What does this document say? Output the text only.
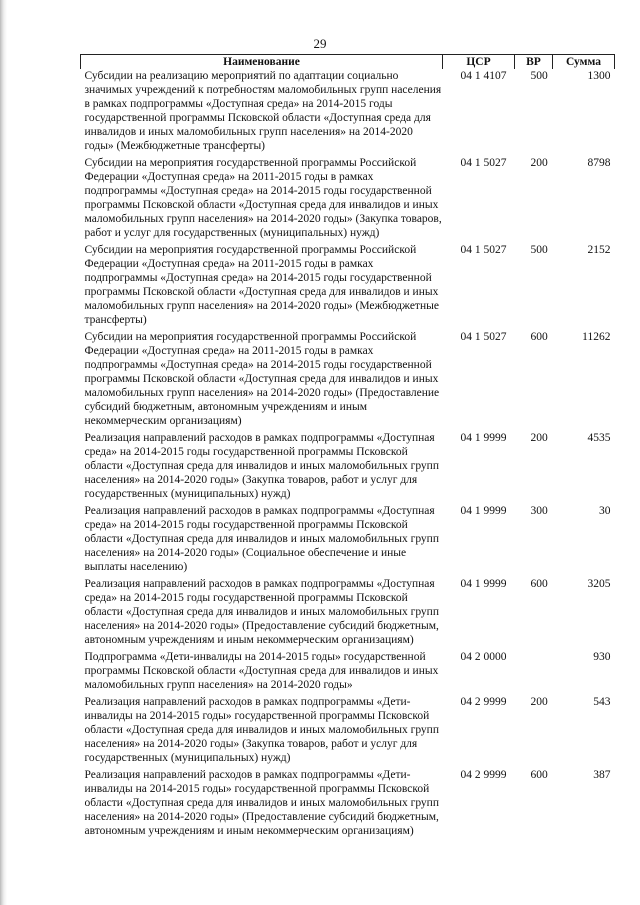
29
Наименование	ЦСР	ВР	Сумма
Субсидии на реализацию мероприятий по адаптации социально значимых учреждений к потребностям маломобильных групп населения в рамках подпрограммы «Доступная среда» на 2014-2015 годы государственной программы Псковской области «Доступная среда для инвалидов и иных маломобильных групп населения» на 2014-2020 годы» (Межбюджетные трансферты)	04 1 4107	500	1300
Субсидии на мероприятия государственной программы Российской Федерации «Доступная среда» на 2011-2015 годы в рамках подпрограммы «Доступная среда» на 2014-2015 годы государственной программы Псковской области «Доступная среда для инвалидов и иных маломобильных групп населения» на 2014-2020 годы» (Закупка товаров, работ и услуг для государственных (муниципальных) нужд)	04 1 5027	200	8798
Субсидии на мероприятия государственной программы Российской Федерации «Доступная среда» на 2011-2015 годы в рамках подпрограммы «Доступная среда» на 2014-2015 годы государственной программы Псковской области «Доступная среда для инвалидов и иных маломобильных групп населения» на 2014-2020 годы» (Межбюджетные трансферты)	04 1 5027	500	2152
Субсидии на мероприятия государственной программы Российской Федерации «Доступная среда» на 2011-2015 годы в рамках подпрограммы «Доступная среда» на 2014-2015 годы государственной программы Псковской области «Доступная среда для инвалидов и иных маломобильных групп населения» на 2014-2020 годы» (Предоставление субсидий бюджетным, автономным учреждениям и иным некоммерческим организациям)	04 1 5027	600	11262
Реализация направлений расходов в рамках подпрограммы «Доступная среда» на 2014-2015 годы государственной программы Псковской области «Доступная среда для инвалидов и иных маломобильных групп населения» на 2014-2020 годы» (Закупка товаров, работ и услуг для государственных (муниципальных) нужд)	04 1 9999	200	4535
Реализация направлений расходов в рамках подпрограммы «Доступная среда» на 2014-2015 годы государственной программы Псковской области «Доступная среда для инвалидов и иных маломобильных групп населения» на 2014-2020 годы» (Социальное обеспечение и иные выплаты населению)	04 1 9999	300	30
Реализация направлений расходов в рамках подпрограммы «Доступная среда» на 2014-2015 годы государственной программы Псковской области «Доступная среда для инвалидов и иных маломобильных групп населения» на 2014-2020 годы» (Предоставление субсидий бюджетным, автономным учреждениям и иным некоммерческим организациям)	04 1 9999	600	3205
Подпрограмма «Дети-инвалиды на 2014-2015 годы» государственной программы Псковской области «Доступная среда для инвалидов и иных маломобильных групп населения» на 2014-2020 годы»	04 2 0000		930
Реализация направлений расходов в рамках подпрограммы «Дети-инвалиды на 2014-2015 годы» государственной программы Псковской области «Доступная среда для инвалидов и иных маломобильных групп населения» на 2014-2020 годы» (Закупка товаров, работ и услуг для государственных (муниципальных) нужд)	04 2 9999	200	543
Реализация направлений расходов в рамках подпрограммы «Дети-инвалиды на 2014-2015 годы» государственной программы Псковской области «Доступная среда для инвалидов и иных маломобильных групп населения» на 2014-2020 годы» (Предоставление субсидий бюджетным, автономным учреждениям и иным некоммерческим организациям)	04 2 9999	600	387
